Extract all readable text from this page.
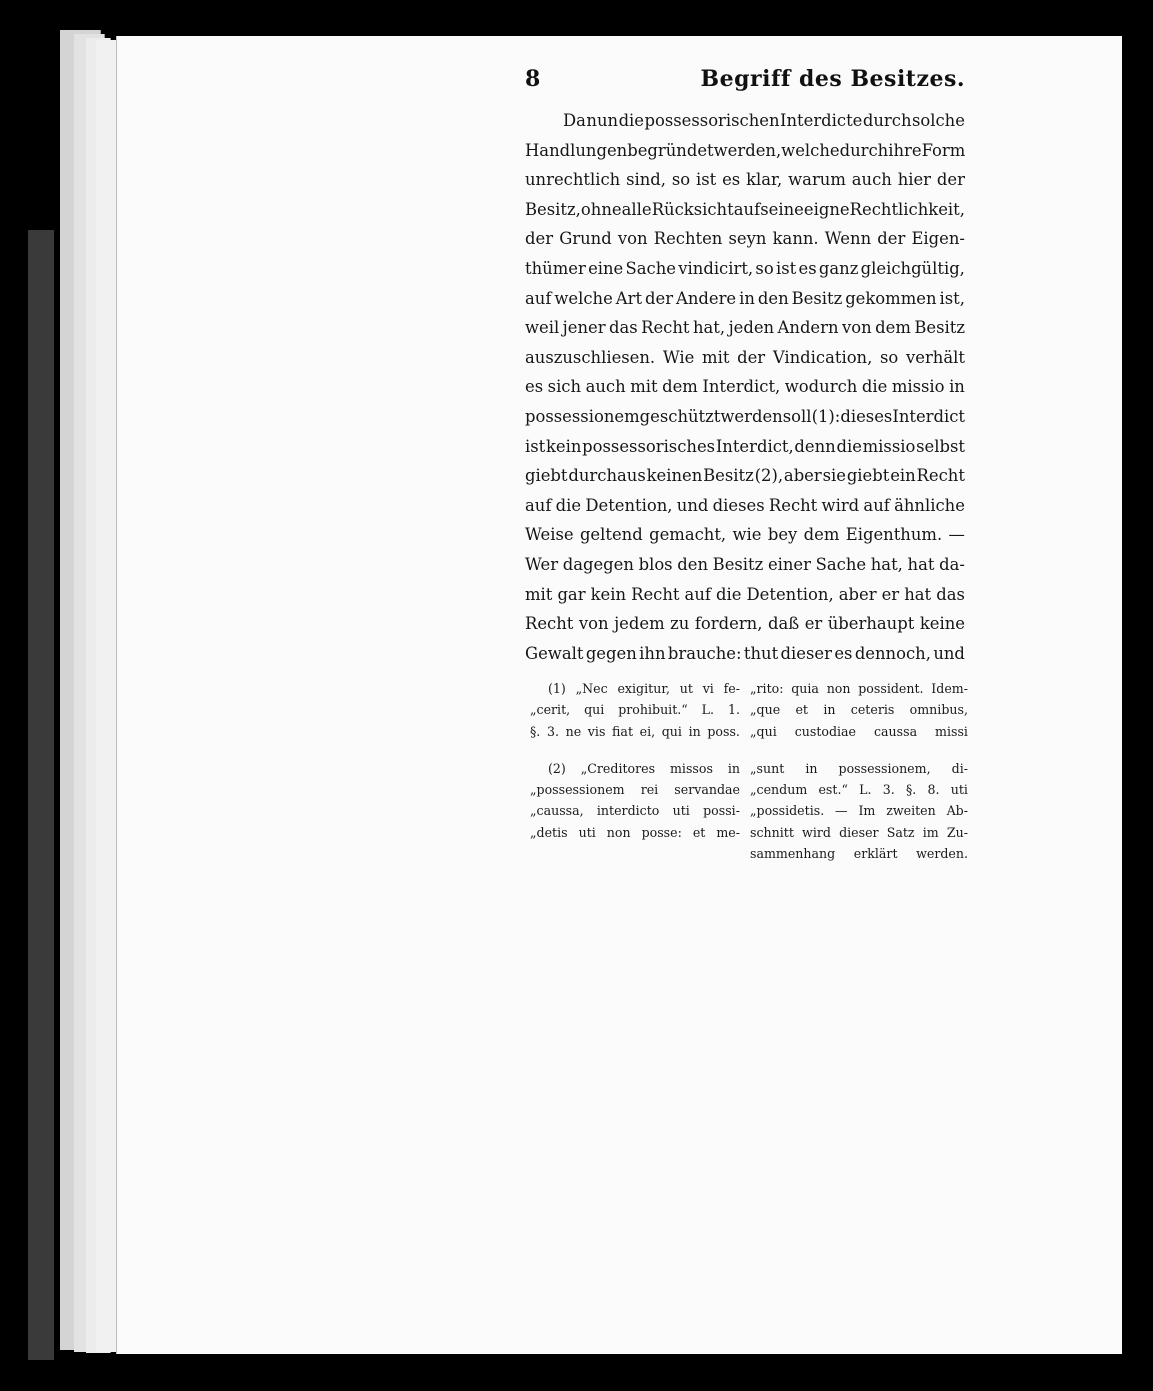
8	Begriff des Besitzes.
Da nun die possessorischen Interdicte durch solche
Handlungen begründet werden, welche durch ihre Form
unrechtlich sind, so ist es klar, warum auch hier der
Besitz, ohne alle Rücksicht auf seine eigne Rechtlichkeit,
der Grund von Rechten seyn kann. Wenn der Eigen-
thümer eine Sache vindicirt, so ist es ganz gleichgültig,
auf welche Art der Andere in den Besitz gekommen ist,
weil jener das Recht hat, jeden Andern von dem Besitz
auszuschliesen. Wie mit der Vindication, so verhält
es sich auch mit dem Interdict, wodurch die missio in
possessionem geschützt werden soll (1): dieses Interdict
ist kein possessorisches Interdict, denn die missio selbst
giebt durchaus keinen Besitz (2), aber sie giebt ein Recht
auf die Detention, und dieses Recht wird auf ähnliche
Weise geltend gemacht, wie bey dem Eigenthum. —
Wer dagegen blos den Besitz einer Sache hat, hat da-
mit gar kein Recht auf die Detention, aber er hat das
Recht von jedem zu fordern, daß er überhaupt keine
Gewalt gegen ihn brauche: thut dieser es dennoch, und
(1) „Nec exigitur, ut vi fe-
„cerit, qui prohibuit.“ L. 1.
§. 3. ne vis fiat ei, qui in poss.
(2) „Creditores missos in
„possessionem rei servandae
„caussa, interdicto uti possi-
„detis uti non posse: et me-
„rito: quia non possident. Idem-
„que et in ceteris omnibus,
„qui custodiae caussa missi
„sunt in possessionem, di-
„cendum est.“ L. 3. §. 8. uti
„possidetis. — Im zweiten Ab-
schnitt wird dieser Satz im Zu-
sammenhang erklärt werden.
